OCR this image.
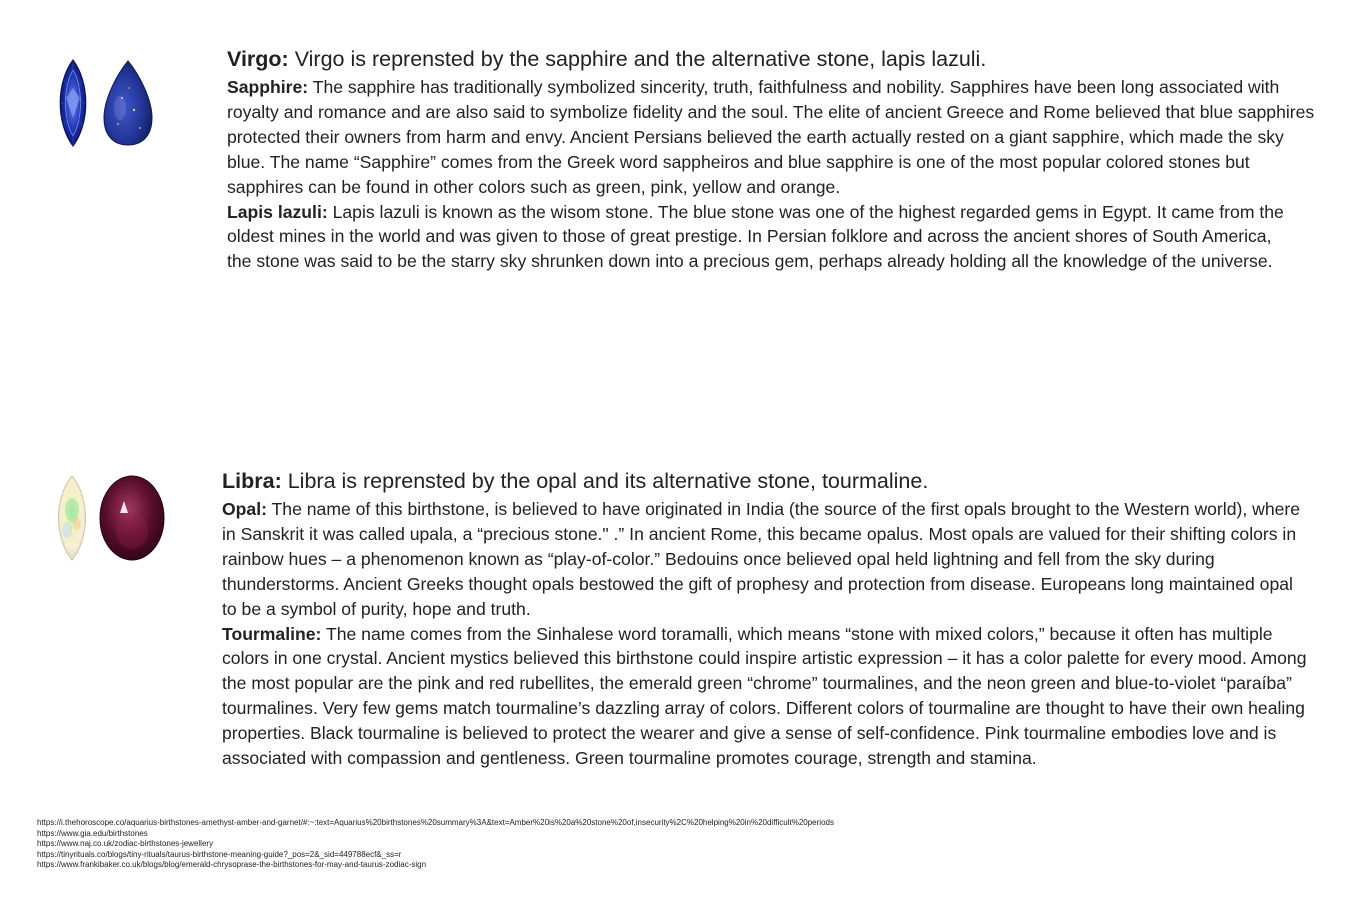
Virgo: Virgo is reprensted by the sapphire and the alternative stone, lapis lazuli.

Sapphire: The sapphire has traditionally symbolized sincerity, truth, faithfulness and nobility. Sapphires have been long associated with royalty and romance and are also said to symbolize fidelity and the soul. The elite of ancient Greece and Rome believed that blue sapphires protected their owners from harm and envy. Ancient Persians believed the earth actually rested on a giant sapphire, which made the sky blue. The name “Sapphire” comes from the Greek word sappheiros and blue sapphire is one of the most popular colored stones but sapphires can be found in other colors such as green, pink, yellow and orange.

Lapis lazuli: Lapis lazuli is known as the wisom stone. The blue stone was one of the highest regarded gems in Egypt. It came from the oldest mines in the world and was given to those of great prestige. In Persian folklore and across the ancient shores of South America, the stone was said to be the starry sky shrunken down into a precious gem, perhaps already holding all the knowledge of the universe.

Libra: Libra is reprensted by the opal and its alternative stone, tourmaline.

Opal: The name of this birthstone, is believed to have originated in India (the source of the first opals brought to the Western world), where in Sanskrit it was called upala, a “precious stone." .” In ancient Rome, this became opalus. Most opals are valued for their shifting colors in rainbow hues – a phenomenon known as “play-of-color.” Bedouins once believed opal held lightning and fell from the sky during thunderstorms. Ancient Greeks thought opals bestowed the gift of prophesy and protection from disease. Europeans long maintained opal to be a symbol of purity, hope and truth.

Tourmaline: The name comes from the Sinhalese word toramalli, which means “stone with mixed colors,” because it often has multiple colors in one crystal. Ancient mystics believed this birthstone could inspire artistic expression – it has a color palette for every mood. Among the most popular are the pink and red rubellites, the emerald green “chrome” tourmalines, and the neon green and blue-to-violet “paraíba” tourmalines. Very few gems match tourmaline’s dazzling array of colors. Different colors of tourmaline are thought to have their own healing properties. Black tourmaline is believed to protect the wearer and give a sense of self-confidence. Pink tourmaline embodies love and is associated with compassion and gentleness. Green tourmaline promotes courage, strength and stamina.

https://i.thehoroscope.co/aquarius-birthstones-amethyst-amber-and-garnet/#:~:text=Aquarius%20birthstones%20summary%3A&text=Amber%20is%20a%20stone%20of,insecurity%2C%20helping%20in%20difficult%20periods
https://www.gia.edu/birthstones
https://www.naj.co.uk/zodiac-birthstones-jewellery
https://tinyrituals.co/blogs/tiny-rituals/taurus-birthstone-meaning-guide?_pos=2&_sid=449788ecf&_ss=r
https://www.frankibaker.co.uk/blogs/blog/emerald-chrysoprase-the-birthstones-for-may-and-taurus-zodiac-sign
